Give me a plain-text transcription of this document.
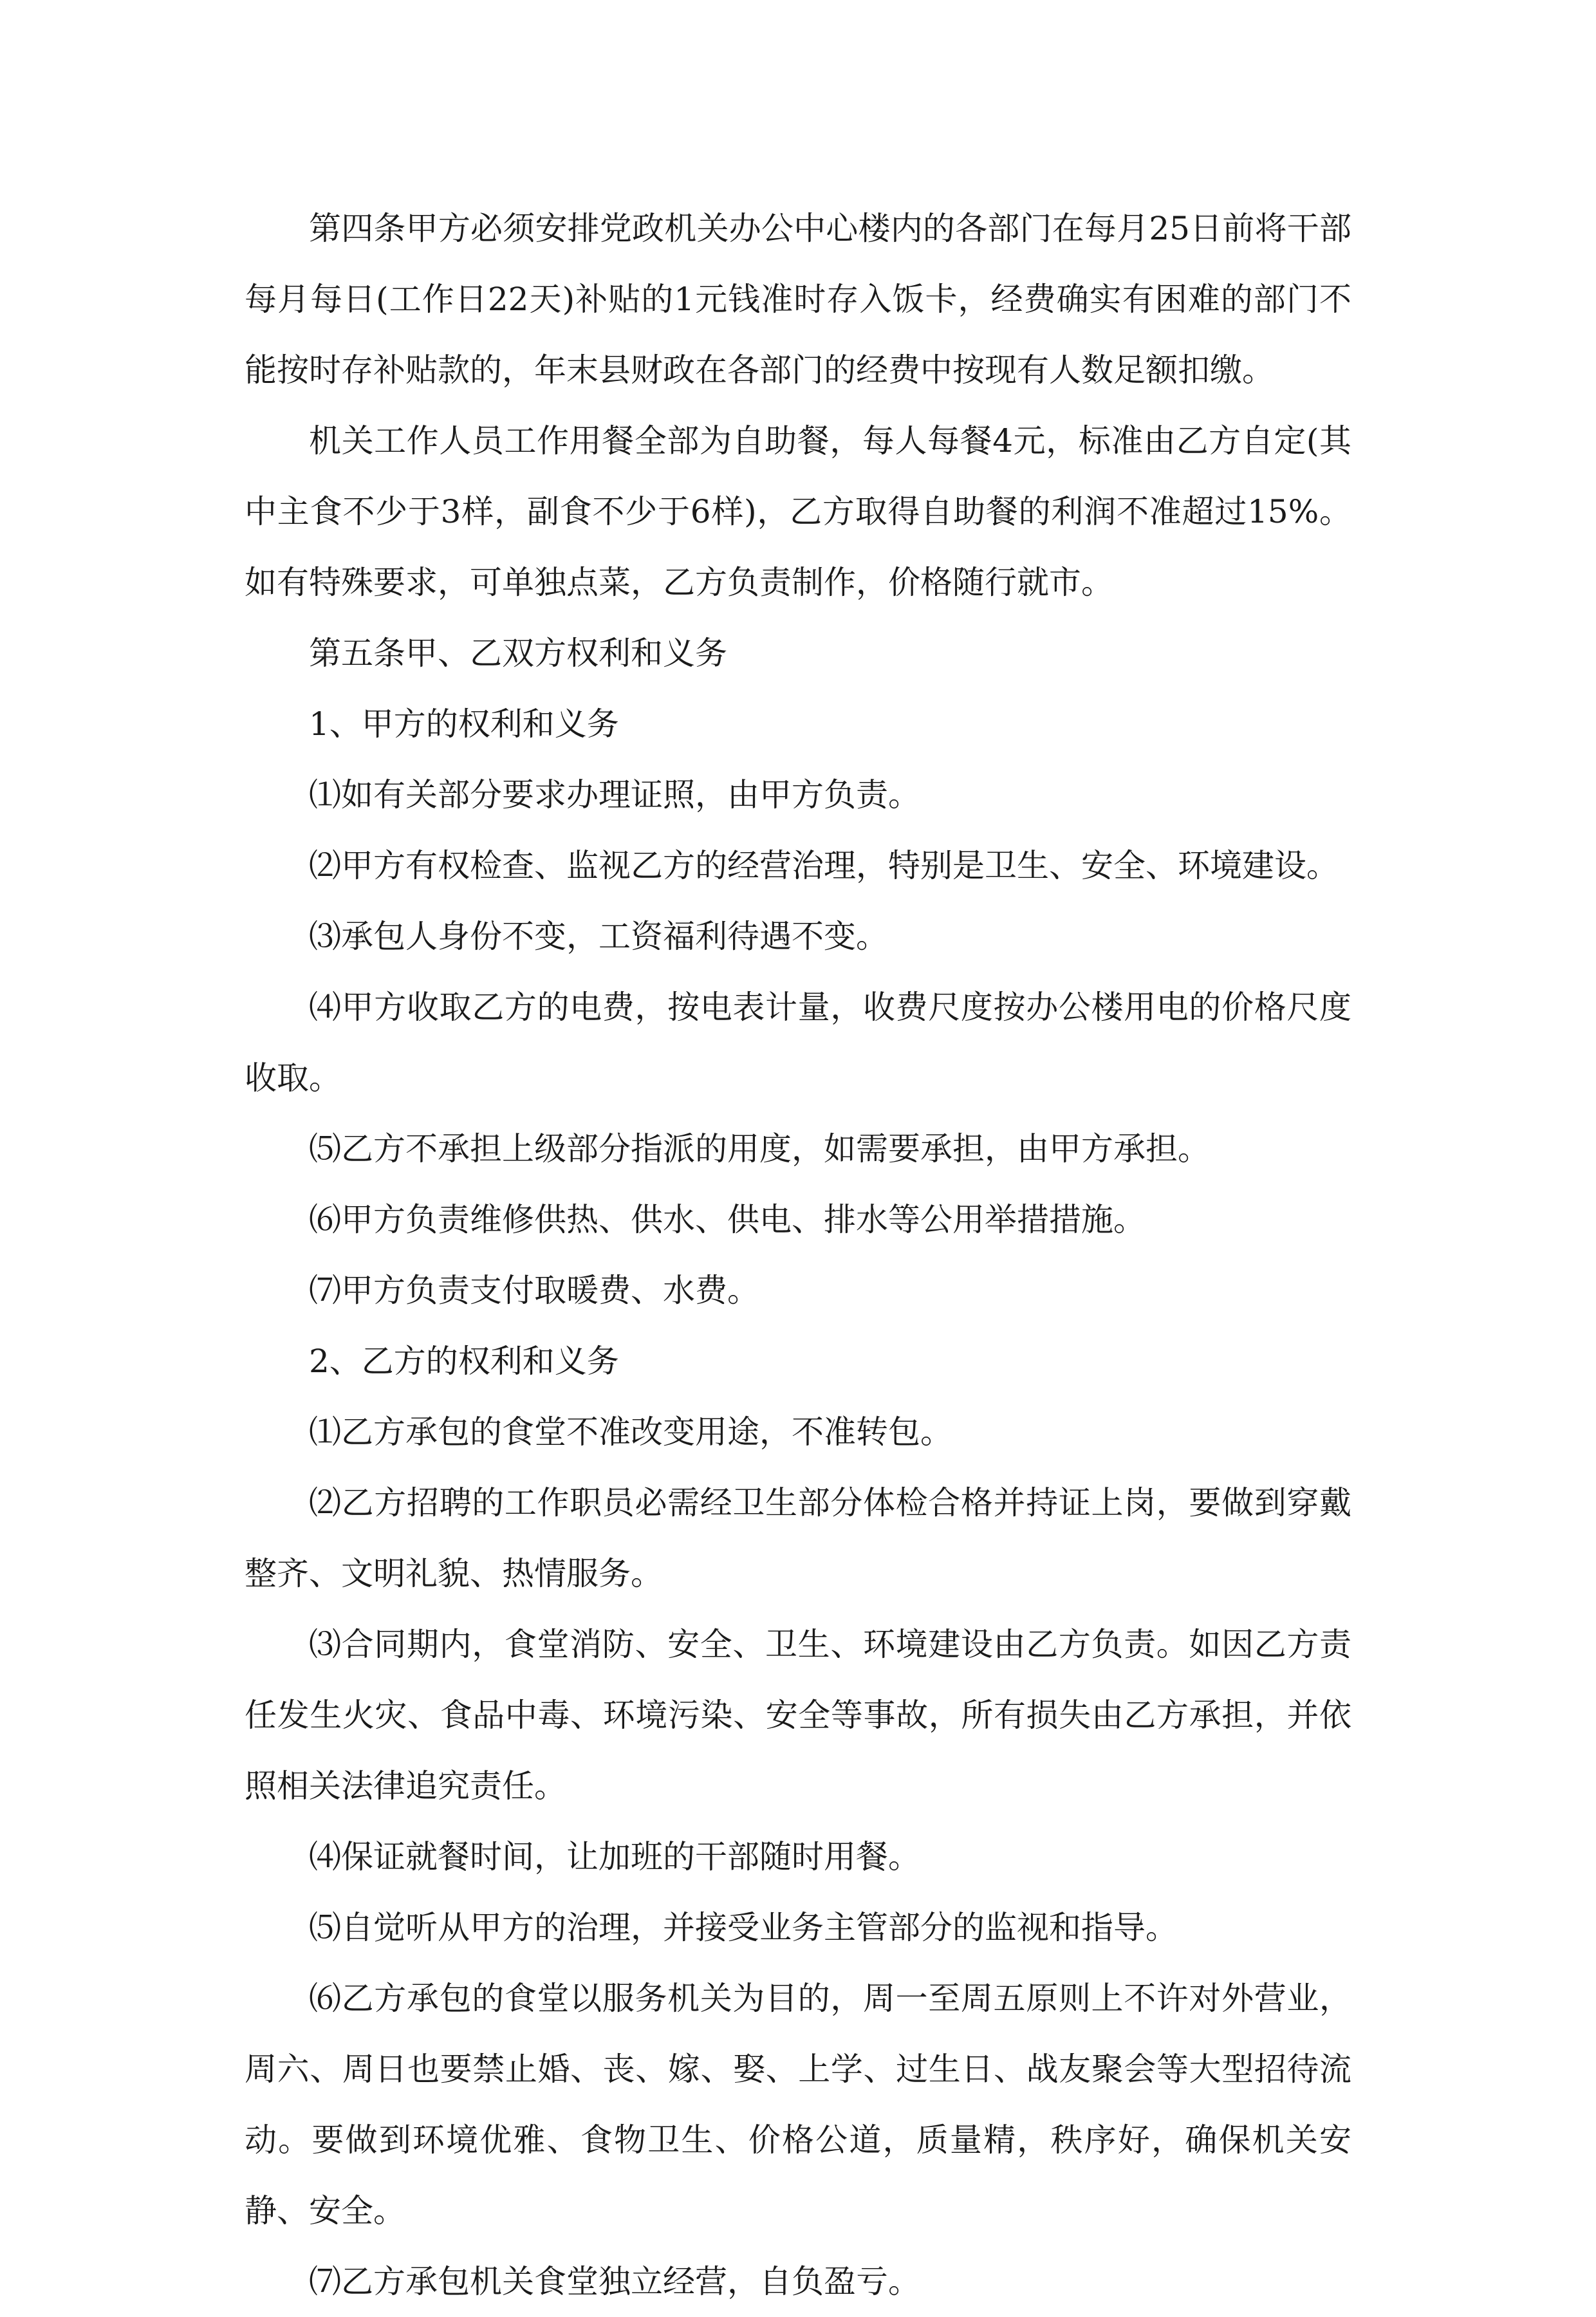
第四条甲方必须安排党政机关办公中心楼内的各部门在每月25日前将干部每月每日(工作日22天)补贴的1元钱准时存入饭卡，经费确实有困难的部门不能按时存补贴款的，年末县财政在各部门的经费中按现有人数足额扣缴。

机关工作人员工作用餐全部为自助餐，每人每餐4元，标准由乙方自定(其中主食不少于3样，副食不少于6样)，乙方取得自助餐的利润不准超过15%。如有特殊要求，可单独点菜，乙方负责制作，价格随行就市。

第五条甲、乙双方权利和义务

1、甲方的权利和义务

⑴如有关部分要求办理证照，由甲方负责。

⑵甲方有权检查、监视乙方的经营治理，特别是卫生、安全、环境建设。

⑶承包人身份不变，工资福利待遇不变。

⑷甲方收取乙方的电费，按电表计量，收费尺度按办公楼用电的价格尺度收取。

⑸乙方不承担上级部分指派的用度，如需要承担，由甲方承担。

⑹甲方负责维修供热、供水、供电、排水等公用举措措施。

⑺甲方负责支付取暖费、水费。

2、乙方的权利和义务

⑴乙方承包的食堂不准改变用途，不准转包。

⑵乙方招聘的工作职员必需经卫生部分体检合格并持证上岗，要做到穿戴整齐、文明礼貌、热情服务。

⑶合同期内，食堂消防、安全、卫生、环境建设由乙方负责。如因乙方责任发生火灾、食品中毒、环境污染、安全等事故，所有损失由乙方承担，并依照相关法律追究责任。

⑷保证就餐时间，让加班的干部随时用餐。

⑸自觉听从甲方的治理，并接受业务主管部分的监视和指导。

⑹乙方承包的食堂以服务机关为目的，周一至周五原则上不许对外营业，周六、周日也要禁止婚、丧、嫁、娶、上学、过生日、战友聚会等大型招待流动。要做到环境优雅、食物卫生、价格公道，质量精，秩序好，确保机关安静、安全。

⑺乙方承包机关食堂独立经营，自负盈亏。
